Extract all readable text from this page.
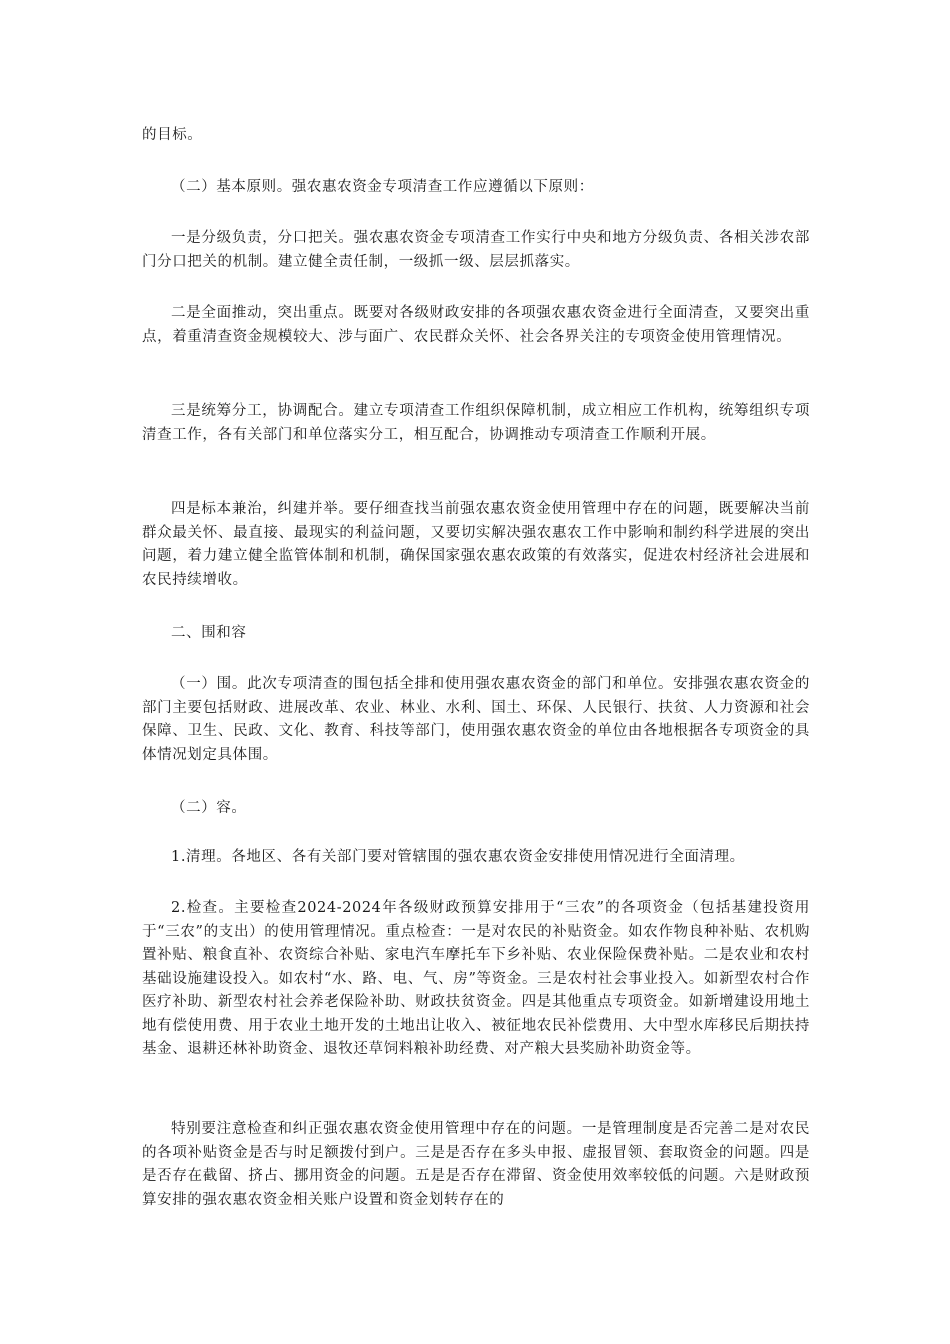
的目标。

（二）基本原则。强农惠农资金专项清查工作应遵循以下原则：

一是分级负责，分口把关。强农惠农资金专项清查工作实行中央和地方分级负责、各相关涉农部门分口把关的机制。建立健全责任制，一级抓一级、层层抓落实。

二是全面推动，突出重点。既要对各级财政安排的各项强农惠农资金进行全面清查，又要突出重点，着重清查资金规模较大、涉与面广、农民群众关怀、社会各界关注的专项资金使用管理情况。

三是统筹分工，协调配合。建立专项清查工作组织保障机制，成立相应工作机构，统筹组织专项清查工作，各有关部门和单位落实分工，相互配合，协调推动专项清查工作顺利开展。

四是标本兼治，纠建并举。要仔细查找当前强农惠农资金使用管理中存在的问题，既要解决当前群众最关怀、最直接、最现实的利益问题，又要切实解决强农惠农工作中影响和制约科学进展的突出问题，着力建立健全监管体制和机制，确保国家强农惠农政策的有效落实，促进农村经济社会进展和农民持续增收。

二、围和容

（一）围。此次专项清查的围包括全排和使用强农惠农资金的部门和单位。安排强农惠农资金的部门主要包括财政、进展改革、农业、林业、水利、国土、环保、人民银行、扶贫、人力资源和社会保障、卫生、民政、文化、教育、科技等部门，使用强农惠农资金的单位由各地根据各专项资金的具体情况划定具体围。

（二）容。

1.清理。各地区、各有关部门要对管辖围的强农惠农资金安排使用情况进行全面清理。

2.检查。主要检查2024-2024年各级财政预算安排用于“三农”的各项资金（包括基建投资用于“三农”的支出）的使用管理情况。重点检查：一是对农民的补贴资金。如农作物良种补贴、农机购置补贴、粮食直补、农资综合补贴、家电汽车摩托车下乡补贴、农业保险保费补贴。二是农业和农村基础设施建设投入。如农村“水、路、电、气、房”等资金。三是农村社会事业投入。如新型农村合作医疗补助、新型农村社会养老保险补助、财政扶贫资金。四是其他重点专项资金。如新增建设用地土地有偿使用费、用于农业土地开发的土地出让收入、被征地农民补偿费用、大中型水库移民后期扶持基金、退耕还林补助资金、退牧还草饲料粮补助经费、对产粮大县奖励补助资金等。

特别要注意检查和纠正强农惠农资金使用管理中存在的问题。一是管理制度是否完善二是对农民的各项补贴资金是否与时足额拨付到户。三是是否存在多头申报、虚报冒领、套取资金的问题。四是是否存在截留、挤占、挪用资金的问题。五是是否存在滞留、资金使用效率较低的问题。六是财政预算安排的强农惠农资金相关账户设置和资金划转存在的
